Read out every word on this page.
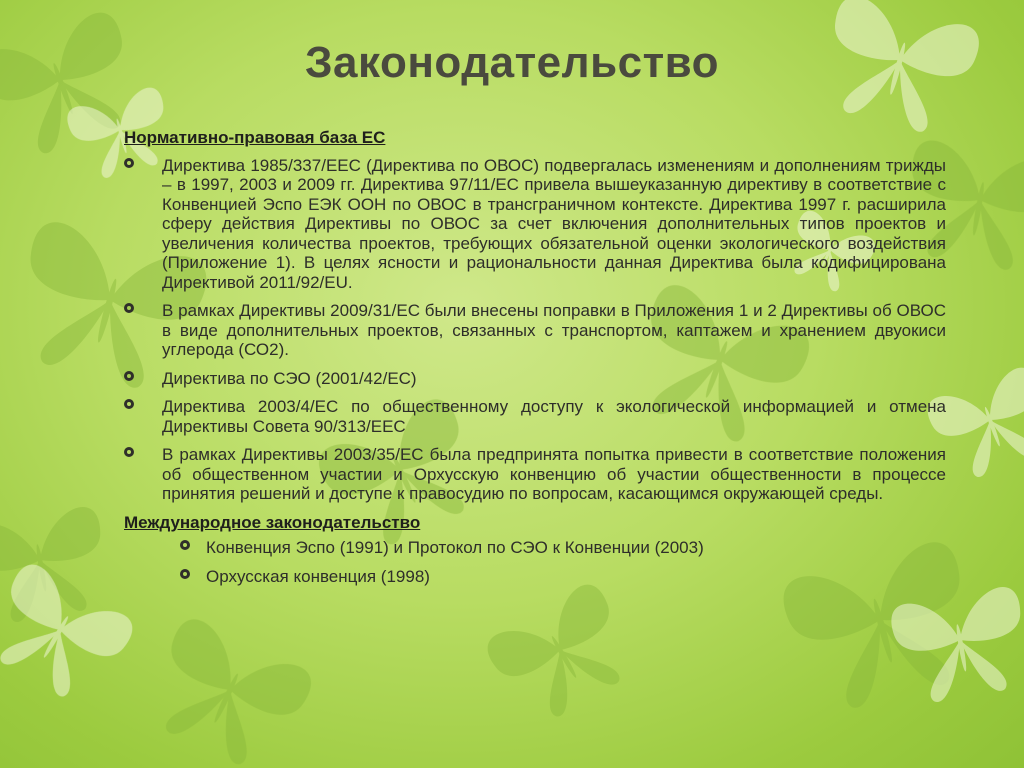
Законодательство
Нормативно-правовая база ЕС
Директива 1985/337/ЕЕС (Директива по ОВОС) подвергалась изменениям и дополнениям трижды – в 1997, 2003 и 2009 гг. Директива 97/11/ЕС привела вышеуказанную директиву в соответствие с Конвенцией Эспо ЕЭК ООН по ОВОС в трансграничном контексте. Директива 1997 г. расширила сферу действия Директивы по ОВОС за счет включения дополнительных типов проектов и увеличения количества проектов, требующих обязательной оценки экологического воздействия (Приложение 1). В целях ясности и рациональности данная Директива была кодифицирована Директивой 2011/92/EU.
В рамках Директивы 2009/31/ЕС были внесены поправки в Приложения 1 и 2 Директивы об ОВОС в виде дополнительных проектов, связанных с транспортом, каптажем и хранением двуокиси углерода (СО2).
Директива по СЭО (2001/42/ЕС)
Директива 2003/4/ЕС по общественному доступу к экологической информацией и отмена Директивы Совета 90/313/ЕЕС
В рамках Директивы 2003/35/ЕС была предпринята попытка привести в соответствие положения об общественном участии и Орхусскую конвенцию об участии общественности в процессе принятия решений и доступе к правосудию по вопросам, касающимся окружающей среды.
Международное законодательство
Конвенция Эспо (1991) и Протокол по СЭО к Конвенции (2003)
Орхусская конвенция (1998)
